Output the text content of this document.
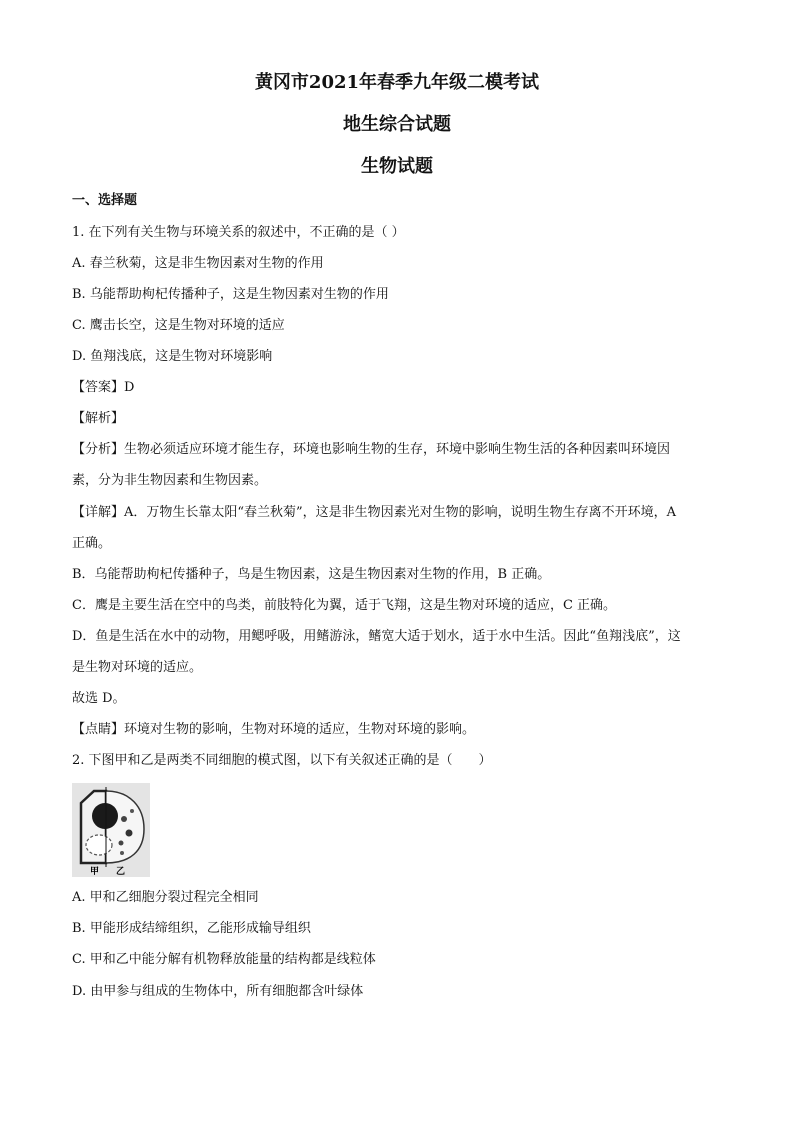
黄冈市2021年春季九年级二模考试
地生综合试题
生物试题
一、选择题
1. 在下列有关生物与环境关系的叙述中，不正确的是（ ）
A. 春兰秋菊，这是非生物因素对生物的作用
B. 乌能帮助枸杞传播种子，这是生物因素对生物的作用
C. 鹰击长空，这是生物对环境的适应
D. 鱼翔浅底，这是生物对环境影响
【答案】D
【解析】
【分析】生物必须适应环境才能生存，环境也影响生物的生存，环境中影响生物生活的各种因素叫环境因
素，分为非生物因素和生物因素。
【详解】A．万物生长靠太阳“春兰秋菊”，这是非生物因素光对生物的影响，说明生物生存离不开环境，A
正确。
B．乌能帮助枸杞传播种子，鸟是生物因素，这是生物因素对生物的作用，B 正确。
C．鹰是主要生活在空中的鸟类，前肢特化为翼，适于飞翔，这是生物对环境的适应，C 正确。
D．鱼是生活在水中的动物，用鳃呼吸，用鳍游泳，鳍宽大适于划水，适于水中生活。因此“鱼翔浅底”，这
是生物对环境的适应。
故选 D。
【点睛】环境对生物的影响，生物对环境的适应，生物对环境的影响。
2. 下图甲和乙是两类不同细胞的模式图，以下有关叙述正确的是（　　）
甲 乙
A. 甲和乙细胞分裂过程完全相同
B. 甲能形成结缔组织，乙能形成输导组织
C. 甲和乙中能分解有机物释放能量的结构都是线粒体
D. 由甲参与组成的生物体中，所有细胞都含叶绿体
